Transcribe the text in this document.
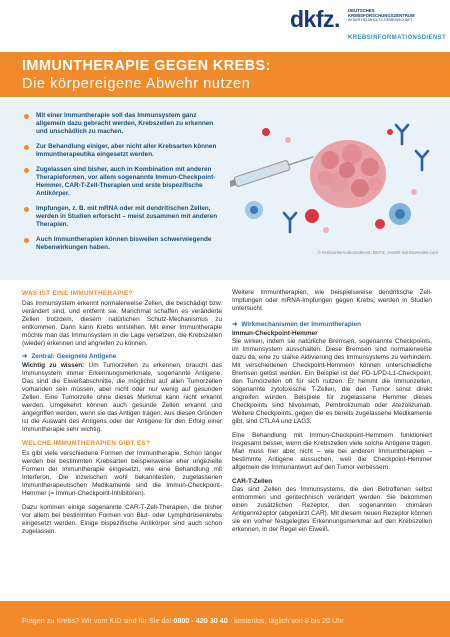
dkfz. DEUTSCHES
KREBSFORSCHUNGSZENTRUM
IN DER HELMHOLTZ-GEMEINSCHAFT
KREBSINFORMATIONSDIENST
IMMUNTHERAPIE GEGEN KREBS:
Die körpereigene Abwehr nutzen
Mit einer Immuntherapie soll das Immunsystem ganz allgemein dazu gebracht werden, Krebszellen zu erkennen und unschädlich zu machen.
Zur Behandlung einiger, aber nicht aller Krebsarten können Immuntherapeutika eingesetzt werden.
Zugelassen sind bisher, auch in Kombination mit anderen Therapieformen, vor allem sogenannte Immun-Checkpoint-Hemmer, CAR-T-Zell-Therapien und erste bispezifische Antikörper.
Impfungen, z. B. mit mRNA oder mit dendritischen Zellen, werden in Studien erforscht – meist zusammen mit anderen Therapien.
Auch Immuntherapien können bisweilen schwerwiegende Nebenwirkungen haben.
© Krebsinformationsdienst, DKFZ, erstellt mit Biorender.com
WAS IST EINE IMMUNTHERAPIE?

Das Immunsystem erkennt normalerweise Zellen, die beschädigt bzw. verändert sind, und entfernt sie. Manchmal schaffen es veränderte Zellen trotzdem, diesem natürlichen Schutz-Mechanismus zu entkommen. Dann kann Krebs entstehen. Mit einer Immuntherapie möchte man das Immunsystem in die Lage versetzen, die Krebszellen (wieder) erkennen und angreifen zu können.

➜ Zentral: Geeignete Antigene

Wichtig zu wissen: Um Tumorzellen zu erkennen, braucht das Immunsystem immer Erkennungsmerkmale, sogenannte Antigene. Das sind die Eiweißabschnitte, die möglichst auf allen Tumorzellen vorhanden sein müssen, aber nicht oder nur wenig auf gesunden Zellen. Eine Tumorzelle ohne dieses Merkmal kann nicht erkannt werden. Umgekehrt können auch gesunde Zellen erkannt und angegriffen werden, wenn sie das Antigen tragen. Aus diesen Gründen ist die Auswahl des Antigens oder der Antigene für den Erfolg einer Immuntherapie sehr wichtig.

WELCHE IMMUNTHERAPIEN GIBT ES?

Es gibt viele verschiedene Formen der Immuntherapie. Schon länger werden bei bestimmten Krebsarten beispielsweise eher ungezielte Formen der Immuntherapie eingesetzt, wie eine Behandlung mit Interferon. Die inzwischen wohl bekanntesten, zugelassenen Immuntherapeutischen Medikamente sind die Immun-Checkpoint-Hemmer (= Immun-Checkpoint-Inhibitoren).

Dazu kommen einige sogenannte CAR-T-Zell-Therapien, die bisher vor allem bei bestimmten Formen von Blut- oder Lymphdrüsenkrebs eingesetzt werden. Einige bispezifische Antikörper sind auch schon zugelassen.

Weitere Immuntherapien, wie beispielsweise dendritische Zell-Impfungen oder mRNA-Impfungen gegen Krebs, werden in Studien untersucht.

➜ Wirkmechanismen der Immuntherapien
Immun-Checkpoint-Hemmer

Sie wirken, indem sie natürliche Bremsen, sogenannte Checkpoints, im Immunsystem ausschalten. Diese Bremsen sind normalerweise dazu da, eine zu starke Aktivierung des Immunsystems zu verhindern. Mit verschiedenen Checkpoint-Hemmern können unterschiedliche Bremsen gelöst werden. Ein Beispiel ist der PD-1/PD-L1-Checkpoint, den Tumorzellen oft für sich nutzen. Er hemmt die Immunzellen, sogenannte zytotoxische T-Zellen, die den Tumor sonst direkt angreifen würden. Beispiele für zugelassene Hemmer dieses Checkpoints sind Nivolumab, Pembrolizumab oder Atezolizumab. Weitere Checkpoints, gegen die es bereits zugelassene Medikamente gibt, sind CTLA4 und LAG3.

Eine Behandlung mit Immun-Checkpoint-Hemmern funktioniert insgesamt besser, wenn die Krebszellen viele solche Antigene tragen. Man muss hier aber nicht – wie bei anderen Immuntherapien – bestimmte Antigene aussuchen, weil die Checkpoint-Hemmer allgemein die Immunantwort auf den Tumor verbessern.

CAR-T-Zellen

Das sind Zellen des Immunsystems, die den Betroffenen selbst entnommen und gentechnisch verändert werden. Sie bekommen einen zusätzlichen Rezeptor, den sogenannten chimären Antigenrezeptor (abgekürzt CAR). Mit diesem neuen Rezeptor können sie ein vorher festgelegtes Erkennungsmerkmal auf den Krebszellen erkennen, in der Regel ein Eiweiß.

Fragen zu Krebs? Wir vom KID sind für Sie da! 0800 - 420 30 40 · kostenlos, täglich von 8 bis 20 Uhr
